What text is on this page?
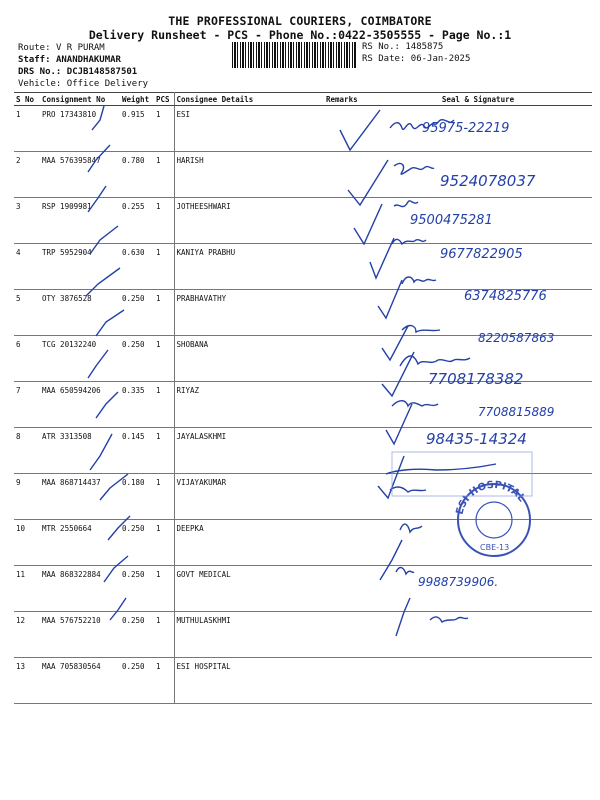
THE PROFESSIONAL COURIERS, COIMBATORE
Delivery Runsheet - PCS - Phone No.:0422-3505555 - Page No.:1
Route: V R PURAM
Staff: ANANDHAKUMAR
DRS No.: DCJB148587501
Vehicle: Office Delivery
RS No.: 1485875
RS Date: 06-Jan-2025
S No	Consignment No	Weight	PCS	Consignee Details	Remarks	Seal & Signature
1	PRO 17343810	0.915	1	ESI		
2	MAA 576395847	0.780	1	HARISH		
3	RSP 1909981	0.255	1	JOTHEESHWARI		
4	TRP 5952904	0.630	1	KANIYA PRABHU		
5	OTY 3876528	0.250	1	PRABHAVATHY		
6	TCG 20132240	0.250	1	SHOBANA		
7	MAA 650594206	0.335	1	RIYAZ		
8	ATR 3313508	0.145	1	JAYALASKHMI		
9	MAA 868714437	0.180	1	VIJAYAKUMAR		
10	MTR 2550664	0.250	1	DEEPKA		
11	MAA 868322884	0.250	1	GOVT MEDICAL		
12	MAA 576752210	0.250	1	MUTHULASKHMI		
13	MAA 705830564	0.250	1	ESI HOSPITAL		
95975-22219
9524078037
9500475281
9677822905
6374825776
8220587863
7708178382
7708815889
98435-14324
9988739906.
ESI HOSPITAL
CBE-13
